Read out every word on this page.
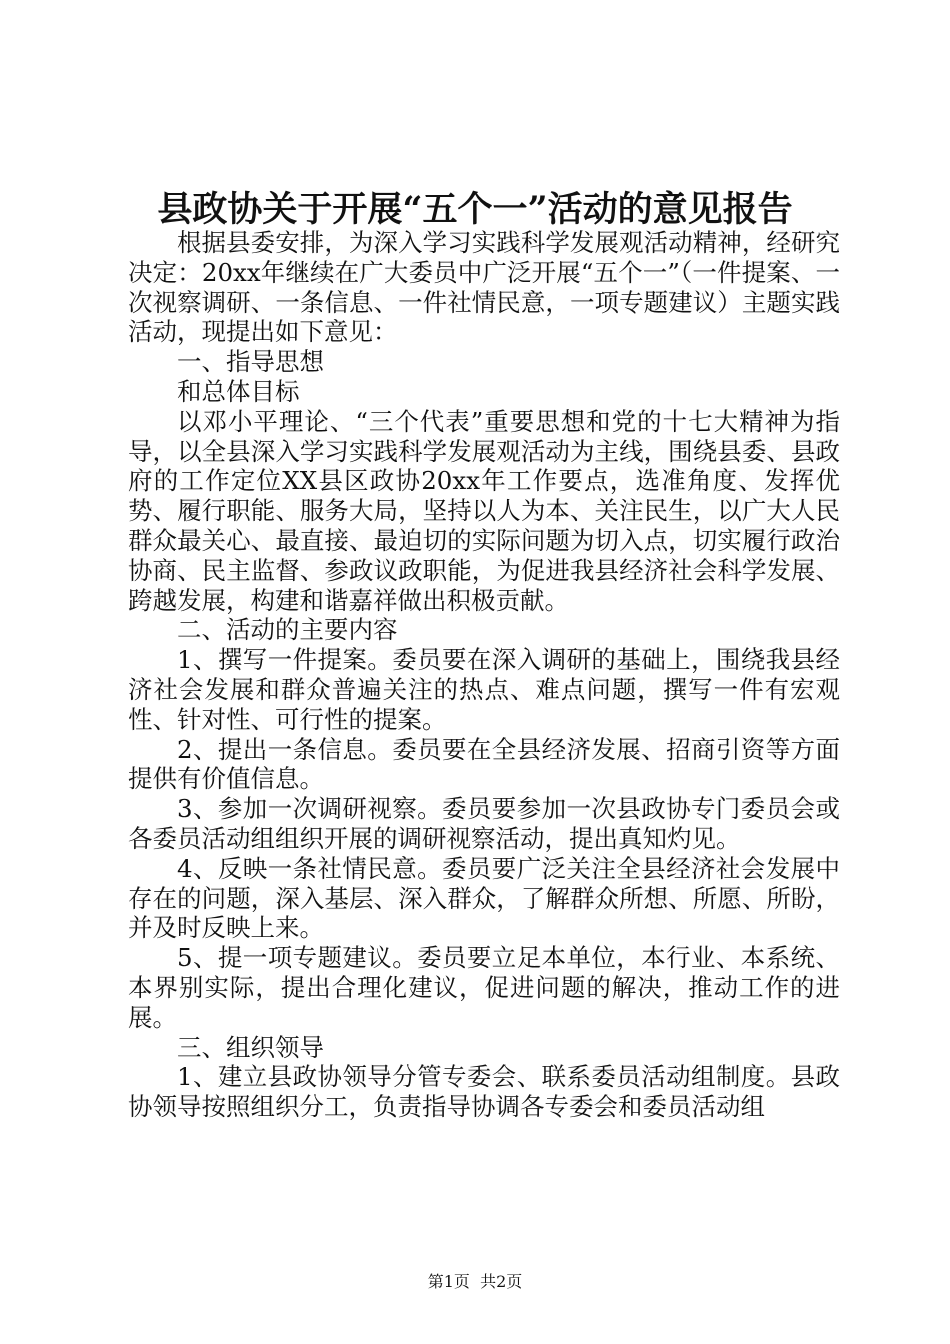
县政协关于开展“五个一”活动的意见报告

根据县委安排，为深入学习实践科学发展观活动精神，经研究决定：20xx年继续在广大委员中广泛开展“五个一”（一件提案、一次视察调研、一条信息、一件社情民意，一项专题建议）主题实践活动，现提出如下意见：

一、指导思想

和总体目标

以邓小平理论、“三个代表”重要思想和党的十七大精神为指导，以全县深入学习实践科学发展观活动为主线，围绕县委、县政府的工作定位XX县区政协20xx年工作要点，选准角度、发挥优势、履行职能、服务大局，坚持以人为本、关注民生，以广大人民群众最关心、最直接、最迫切的实际问题为切入点，切实履行政治协商、民主监督、参政议政职能，为促进我县经济社会科学发展、跨越发展，构建和谐嘉祥做出积极贡献。

二、活动的主要内容

1、撰写一件提案。委员要在深入调研的基础上，围绕我县经济社会发展和群众普遍关注的热点、难点问题，撰写一件有宏观性、针对性、可行性的提案。

2、提出一条信息。委员要在全县经济发展、招商引资等方面提供有价值信息。

3、参加一次调研视察。委员要参加一次县政协专门委员会或各委员活动组组织开展的调研视察活动，提出真知灼见。

4、反映一条社情民意。委员要广泛关注全县经济社会发展中存在的问题，深入基层、深入群众，了解群众所想、所愿、所盼，并及时反映上来。

5、提一项专题建议。委员要立足本单位，本行业、本系统、本界别实际，提出合理化建议，促进问题的解决，推动工作的进展。

三、组织领导

1、建立县政协领导分管专委会、联系委员活动组制度。县政协领导按照组织分工，负责指导协调各专委会和委员活动组

第1页  共2页
